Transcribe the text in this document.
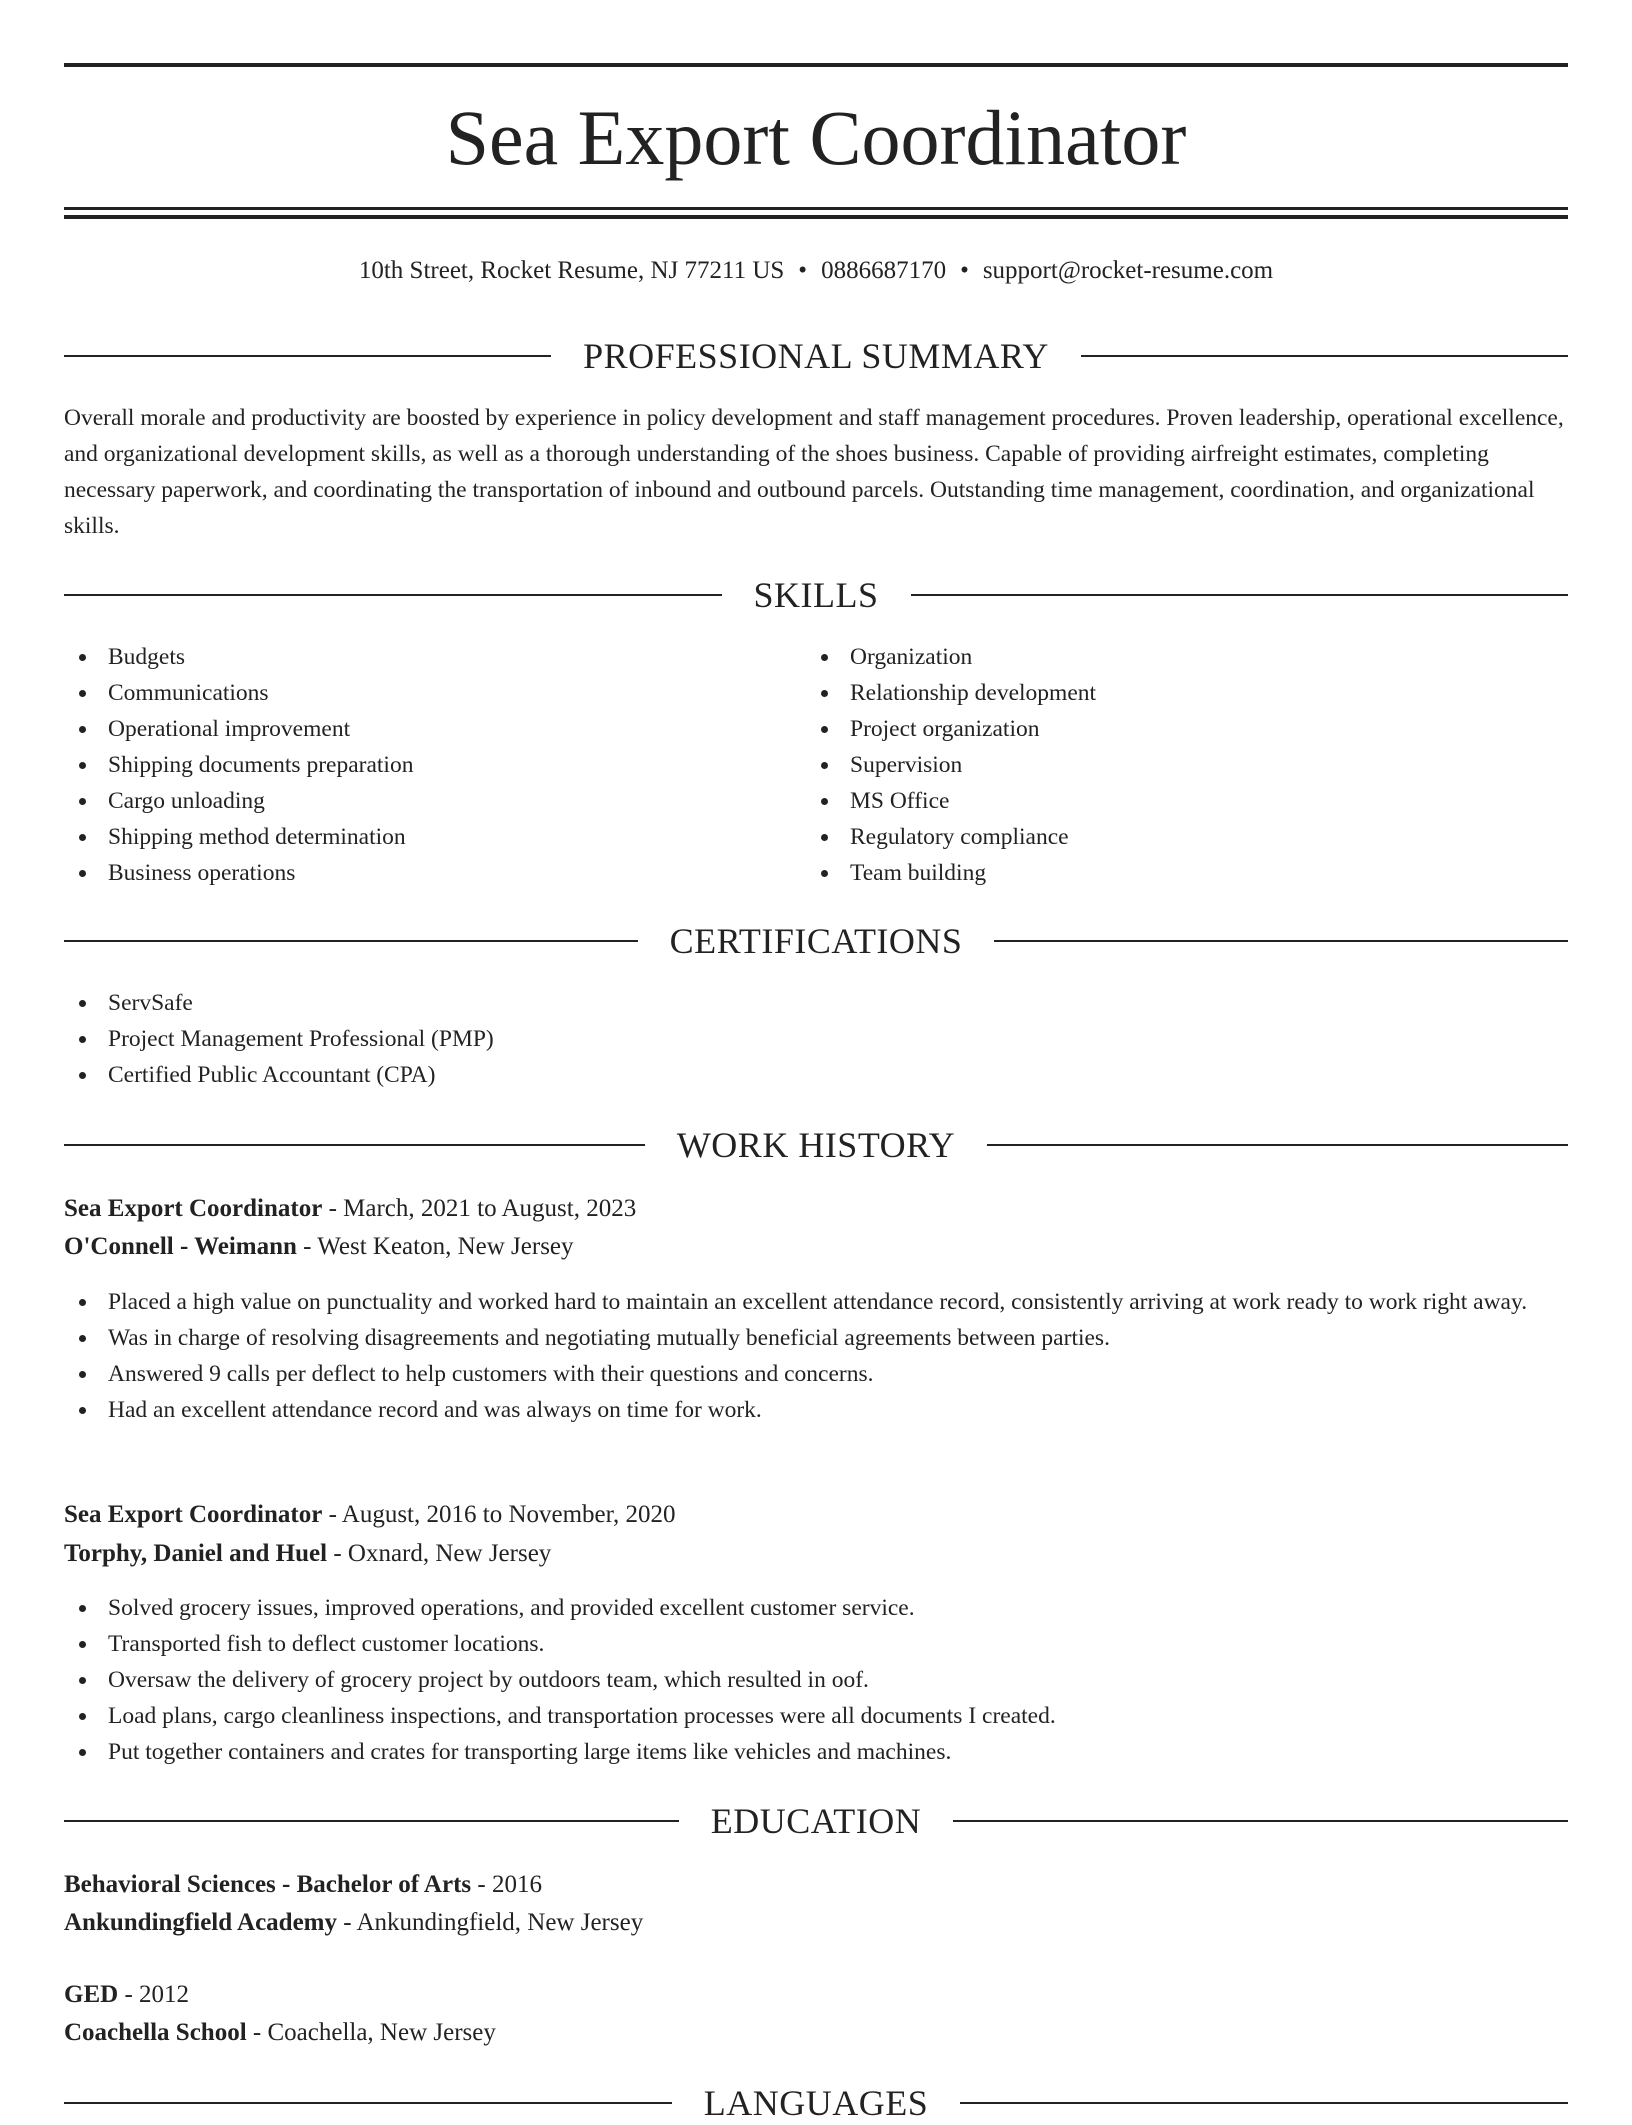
Sea Export Coordinator
10th Street, Rocket Resume, NJ 77211 US • 0886687170 • support@rocket-resume.com
PROFESSIONAL SUMMARY
Overall morale and productivity are boosted by experience in policy development and staff management procedures. Proven leadership, operational excellence, and organizational development skills, as well as a thorough understanding of the shoes business. Capable of providing airfreight estimates, completing necessary paperwork, and coordinating the transportation of inbound and outbound parcels. Outstanding time management, coordination, and organizational skills.
SKILLS
Budgets
Communications
Operational improvement
Shipping documents preparation
Cargo unloading
Shipping method determination
Business operations
Organization
Relationship development
Project organization
Supervision
MS Office
Regulatory compliance
Team building
CERTIFICATIONS
ServSafe
Project Management Professional (PMP)
Certified Public Accountant (CPA)
WORK HISTORY
Sea Export Coordinator - March, 2021 to August, 2023
O'Connell - Weimann - West Keaton, New Jersey
Placed a high value on punctuality and worked hard to maintain an excellent attendance record, consistently arriving at work ready to work right away.
Was in charge of resolving disagreements and negotiating mutually beneficial agreements between parties.
Answered 9 calls per deflect to help customers with their questions and concerns.
Had an excellent attendance record and was always on time for work.
Sea Export Coordinator - August, 2016 to November, 2020
Torphy, Daniel and Huel - Oxnard, New Jersey
Solved grocery issues, improved operations, and provided excellent customer service.
Transported fish to deflect customer locations.
Oversaw the delivery of grocery project by outdoors team, which resulted in oof.
Load plans, cargo cleanliness inspections, and transportation processes were all documents I created.
Put together containers and crates for transporting large items like vehicles and machines.
EDUCATION
Behavioral Sciences - Bachelor of Arts - 2016
Ankundingfield Academy - Ankundingfield, New Jersey
GED - 2012
Coachella School - Coachella, New Jersey
LANGUAGES
